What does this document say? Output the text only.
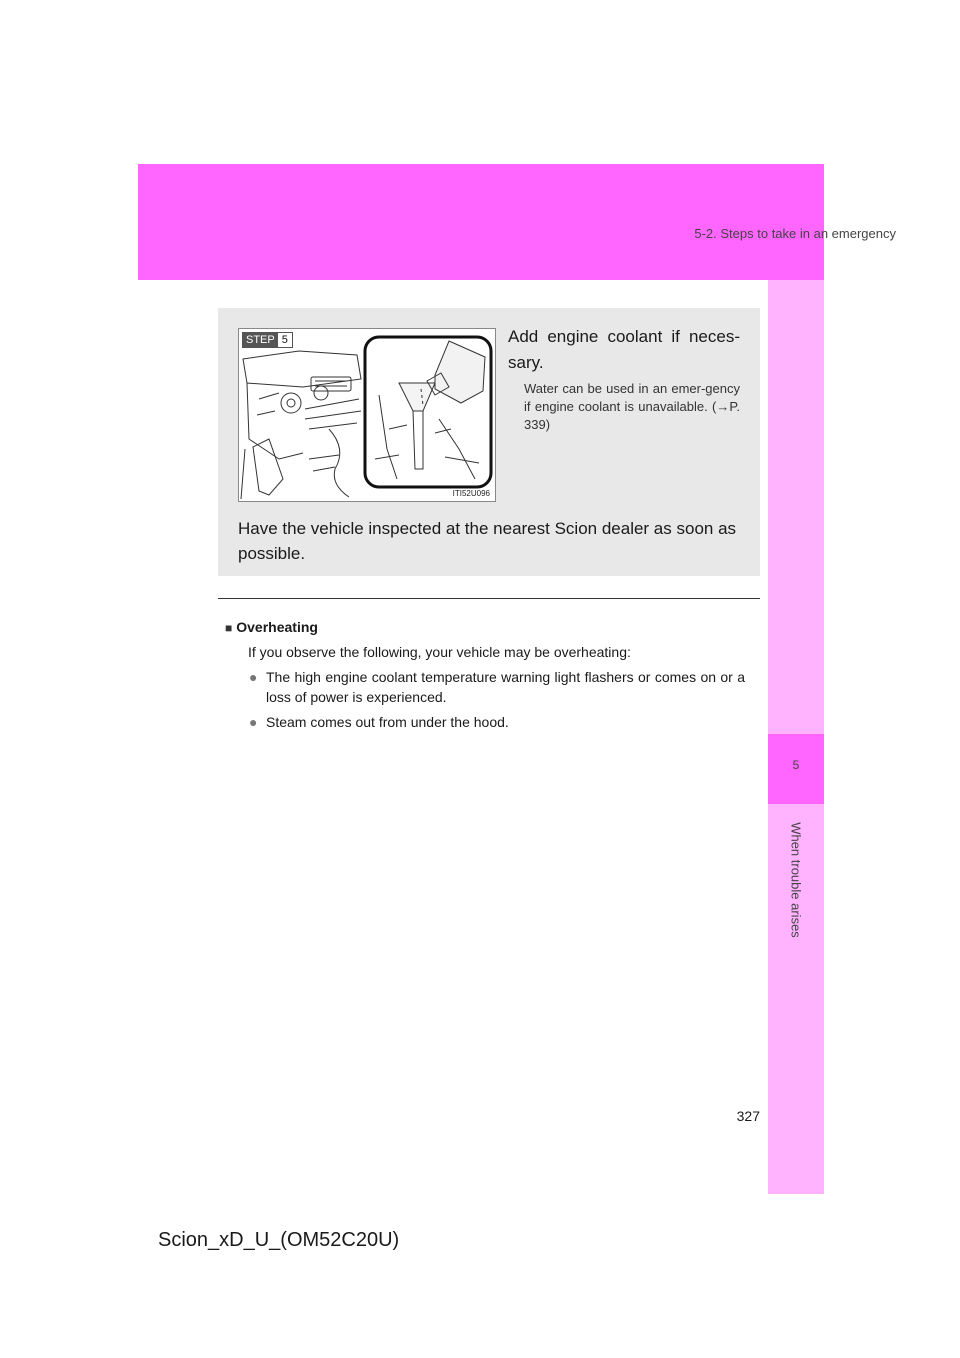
5-2. Steps to take in an emergency
5
When trouble arises
STEP 5
ITI52U096
Add engine coolant if neces-sary.
Water can be used in an emer-gency if engine coolant is unavailable. (→P. 339)
Have the vehicle inspected at the nearest Scion dealer as soon as possible.
■ Overheating
If you observe the following, your vehicle may be overheating:
● The high engine coolant temperature warning light flashers or comes on or a loss of power is experienced.
● Steam comes out from under the hood.
327
Scion_xD_U_(OM52C20U)
